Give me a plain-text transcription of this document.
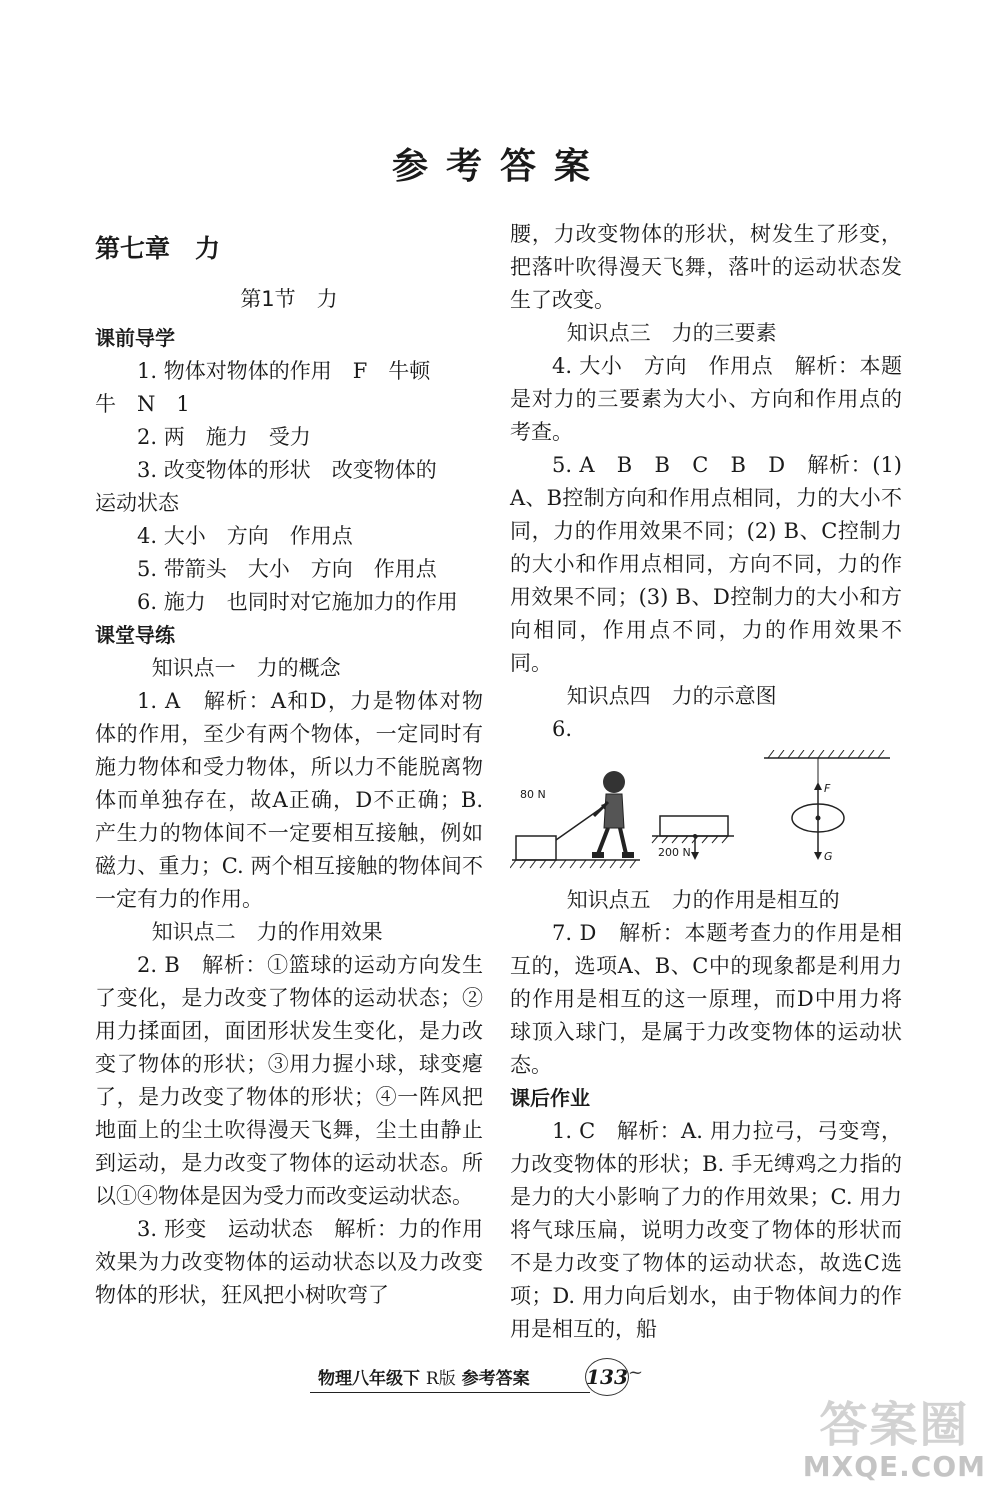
参考答案
第七章　力
第1节　力
课前导学

1. 物体对物体的作用　F　牛顿

牛　N　1

2. 两　施力　受力

3. 改变物体的形状　改变物体的

运动状态

4. 大小　方向　作用点

5. 带箭头　大小　方向　作用点

6. 施力　也同时对它施加力的作用

课堂导练

知识点一　力的概念

1. A　解析：A和D，力是物体对物体的作用，至少有两个物体，一定同时有施力物体和受力物体，所以力不能脱离物体而单独存在，故A正确，D不正确；B. 产生力的物体间不一定要相互接触，例如磁力、重力；C. 两个相互接触的物体间不一定有力的作用。

知识点二　力的作用效果

2. B　解析：①篮球的运动方向发生了变化，是力改变了物体的运动状态；②用力揉面团，面团形状发生变化，是力改变了物体的形状；③用力握小球，球变瘪了，是力改变了物体的形状；④一阵风把地面上的尘土吹得漫天飞舞，尘土由静止到运动，是力改变了物体的运动状态。所以①④物体是因为受力而改变运动状态。

3. 形变　运动状态　解析：力的作用效果为力改变物体的运动状态以及力改变物体的形状，狂风把小树吹弯了

腰，力改变物体的形状，树发生了形变，把落叶吹得漫天飞舞，落叶的运动状态发生了改变。

知识点三　力的三要素

4. 大小　方向　作用点　解析：本题是对力的三要素为大小、方向和作用点的考查。

5. A　B　B　C　B　D　解析：(1) A、B控制方向和作用点相同，力的大小不同，力的作用效果不同；(2) B、C控制力的大小和作用点相同，方向不同，力的作用效果不同；(3) B、D控制力的大小和方向相同，作用点不同，力的作用效果不同。

知识点四　力的示意图

6.

80 N
200 N
F
G

知识点五　力的作用是相互的

7. D　解析：本题考查力的作用是相互的，选项A、B、C中的现象都是利用力的作用是相互的这一原理，而D中用力将球顶入球门，是属于力改变物体的运动状态。

课后作业

1. C　解析：A. 用力拉弓，弓变弯，力改变物体的形状；B. 手无缚鸡之力指的是力的大小影响了力的作用效果；C. 用力将气球压扁，说明力改变了物体的形状而不是力改变了物体的运动状态，故选C选项；D. 用力向后划水，由于物体间力的作用是相互的，船

物理八年级下 R版 参考答案	133 ~
答案圈
MXQE.COM
